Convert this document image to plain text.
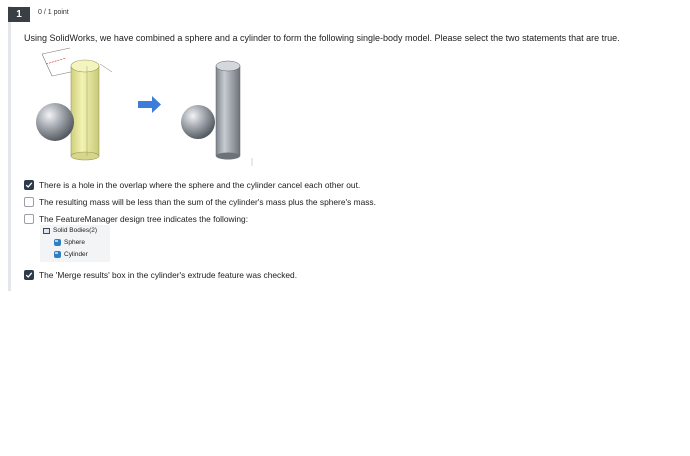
1	0 / 1 point
Using SolidWorks, we have combined a sphere and a cylinder to form the following single-body model. Please select the two statements that are true.
There is a hole in the overlap where the sphere and the cylinder cancel each other out.
The resulting mass will be less than the sum of the cylinder's mass plus the sphere's mass.
The FeatureManager design tree indicates the following:
Solid Bodies(2)
Sphere
Cylinder
The 'Merge results' box in the cylinder's extrude feature was checked.
